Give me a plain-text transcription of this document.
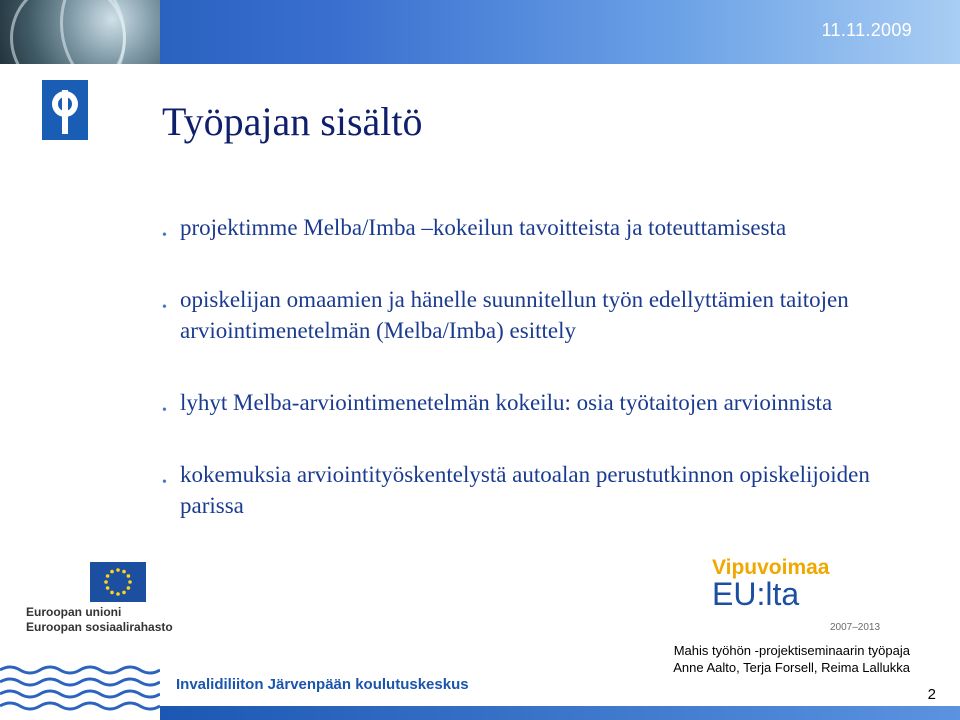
11.11.2009
Työpajan sisältö
• projektimme Melba/Imba –kokeilun tavoitteista ja toteuttamisesta
• opiskelijan omaamien ja hänelle suunnitellun työn edellyttämien taitojen arviointimenetelmän (Melba/Imba) esittely
• lyhyt Melba-arviointimenetelmän kokeilu: osia työtaitojen arvioinnista
• kokemuksia arviointityöskentelystä autoalan perustutkinnon opiskelijoiden parissa
Euroopan unioni
Euroopan sosiaalirahasto
Vipuvoimaa
EU:lta
2007–2013
Mahis työhön -projektiseminaarin työpaja
Anne Aalto, Terja Forsell, Reima Lallukka
Invalidiliiton Järvenpään koulutuskeskus
2
